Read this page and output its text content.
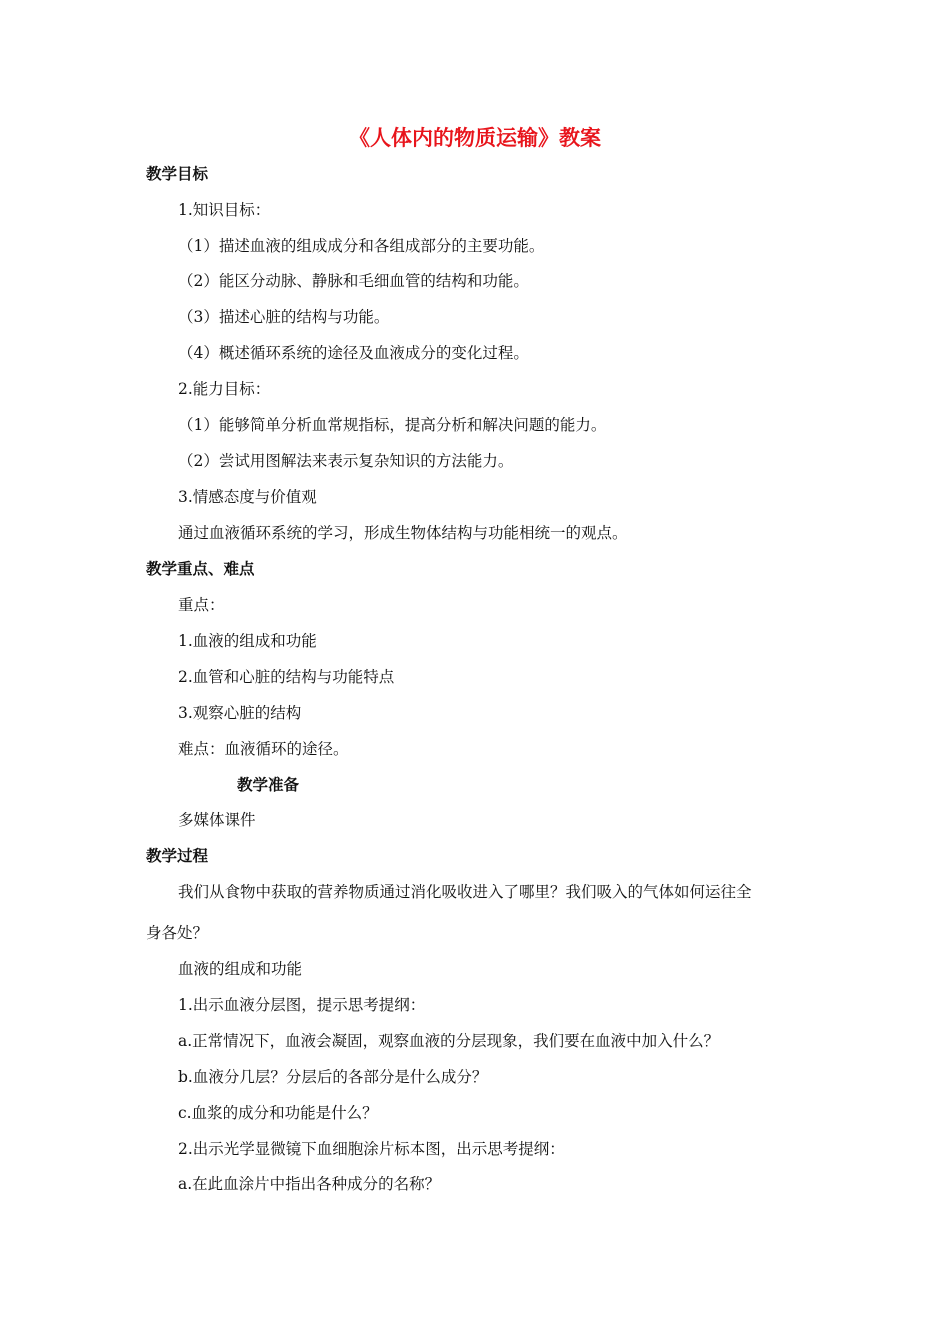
《人体内的物质运输》教案
教学目标
1.知识目标：
（1）描述血液的组成成分和各组成部分的主要功能。
（2）能区分动脉、静脉和毛细血管的结构和功能。
（3）描述心脏的结构与功能。
（4）概述循环系统的途径及血液成分的变化过程。
2.能力目标：
（1）能够简单分析血常规指标，提高分析和解决问题的能力。
（2）尝试用图解法来表示复杂知识的方法能力。
3.情感态度与价值观
通过血液循环系统的学习，形成生物体结构与功能相统一的观点。
教学重点、难点
重点：
1.血液的组成和功能
2.血管和心脏的结构与功能特点
3.观察心脏的结构
难点：血液循环的途径。
教学准备
多媒体课件
教学过程
我们从食物中获取的营养物质通过消化吸收进入了哪里？我们吸入的气体如何运往全
身各处？
血液的组成和功能
1.出示血液分层图，提示思考提纲：
a.正常情况下，血液会凝固，观察血液的分层现象，我们要在血液中加入什么？
b.血液分几层？分层后的各部分是什么成分？
c.血浆的成分和功能是什么？
2.出示光学显微镜下血细胞涂片标本图，出示思考提纲：
a.在此血涂片中指出各种成分的名称？
